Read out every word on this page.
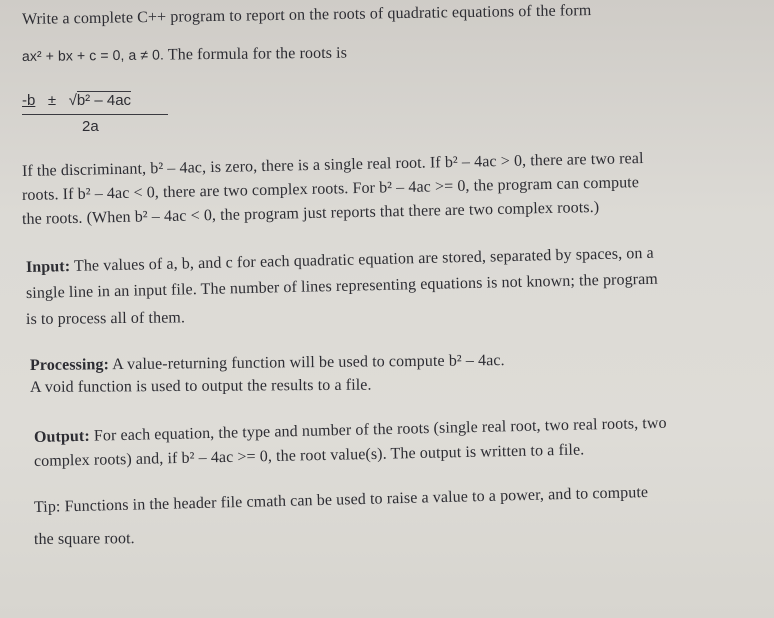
Write a complete C++ program to report on the roots of quadratic equations of the form
ax² + bx + c = 0, a ≠ 0. The formula for the roots is
-b ± √b² – 4ac
2a
If the discriminant, b² – 4ac, is zero, there is a single real root. If b² – 4ac > 0, there are two real
roots. If b² – 4ac < 0, there are two complex roots. For b² – 4ac >= 0, the program can compute
the roots. (When b² – 4ac < 0, the program just reports that there are two complex roots.)
Input: The values of a, b, and c for each quadratic equation are stored, separated by spaces, on a
single line in an input file. The number of lines representing equations is not known; the program
is to process all of them.
Processing: A value-returning function will be used to compute b² – 4ac.
A void function is used to output the results to a file.
Output: For each equation, the type and number of the roots (single real root, two real roots, two
complex roots) and, if b² – 4ac >= 0, the root value(s). The output is written to a file.
Tip: Functions in the header file cmath can be used to raise a value to a power, and to compute
the square root.
